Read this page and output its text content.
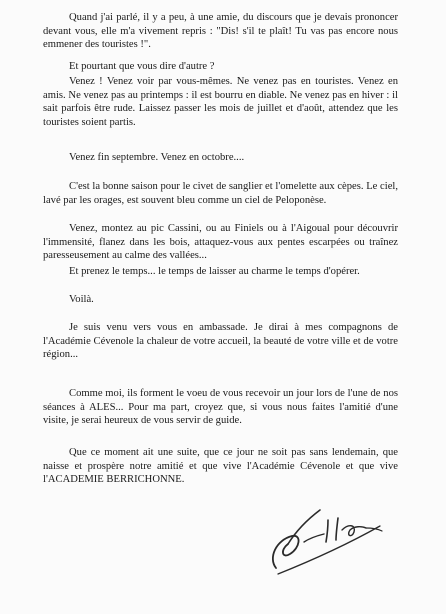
Quand j'ai parlé, il y a peu, à une amie, du discours que je devais prononcer devant vous, elle m'a vivement repris : "Dis! s'il te plaît! Tu vas pas encore nous emmener des touristes !".

Et pourtant que vous dire d'autre ?

Venez ! Venez voir par vous-mêmes. Ne venez pas en touristes. Venez en amis. Ne venez pas au printemps : il est bourru en diable. Ne venez pas en hiver : il sait parfois être rude. Laissez passer les mois de juillet et d'août, attendez que les touristes soient partis.

Venez fin septembre. Venez en octobre....

C'est la bonne saison pour le civet de sanglier et l'omelette aux cèpes. Le ciel, lavé par les orages, est souvent bleu comme un ciel de Peloponèse.

Venez, montez au pic Cassini, ou au Finiels ou à l'Aigoual pour découvrir l'immensité, flanez dans les bois, attaquez-vous aux pentes escarpées ou traînez paresseusement au calme des vallées...

Et prenez le temps... le temps de laisser au charme le temps d'opérer.

Voilà.

Je suis venu vers vous en ambassade. Je dirai à mes compagnons de l'Académie Cévenole la chaleur de votre accueil, la beauté de votre ville et de votre région...

Comme moi, ils forment le voeu de vous recevoir un jour lors de l'une de nos séances à ALES... Pour ma part, croyez que, si vous nous faites l'amitié d'une visite, je serai heureux de vous servir de guide.

Que ce moment ait une suite, que ce jour ne soit pas sans lendemain, que naisse et prospère notre amitié et que vive l'Académie Cévenole et que vive l'ACADEMIE BERRICHONNE.
